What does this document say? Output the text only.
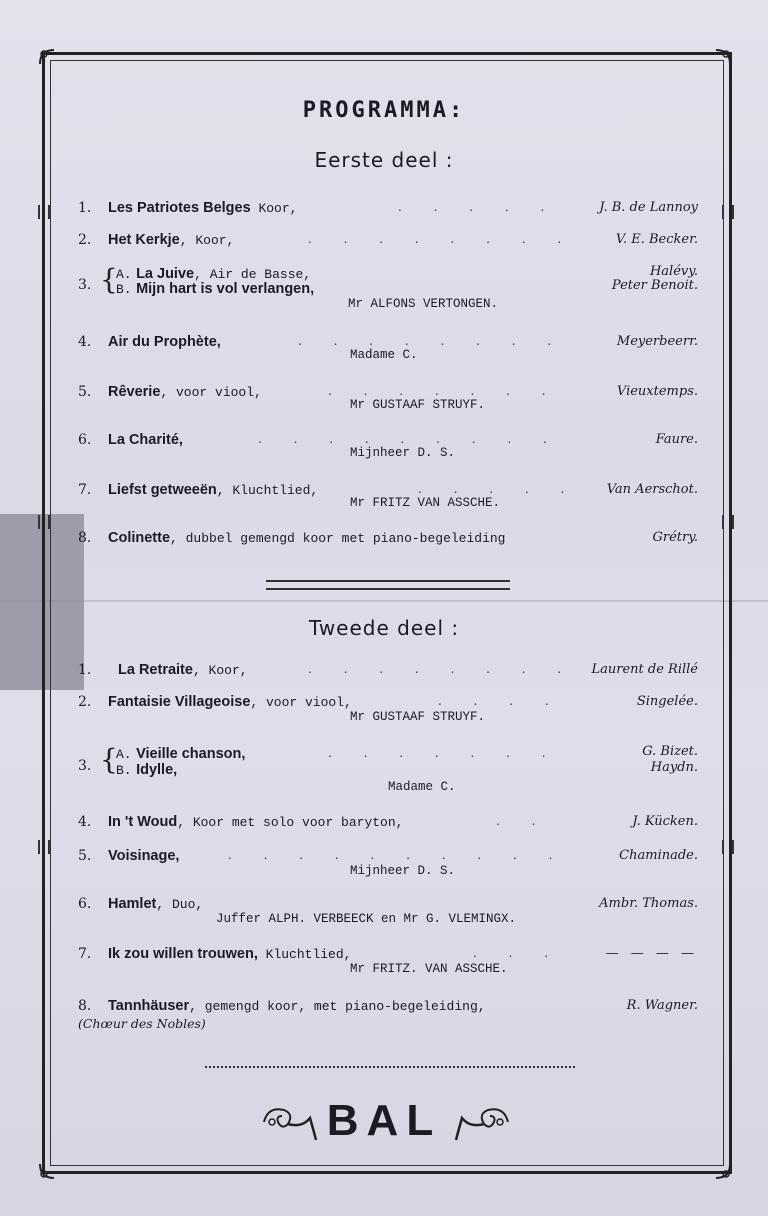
PROGRAMMA:
Eerste deel :
1. Les Patriotes Belges Koor,	. . . . .	J. B. de Lannoy
2. Het Kerkje, Koor,	. . . . . . . .	V. E. Becker.
3. {
A. La Juive, Air de Basse,
B. Mijn hart is vol verlangen,
Halévy.
Peter Benoit.
Mr ALFONS VERTONGEN.
4. Air du Prophète,	. . . . . . . .	Meyerbeerr.
Madame C.
5. Rêverie, voor viool,	. . . . . . .	Vieuxtemps.
Mr GUSTAAF STRUYF.
6. La Charité,	. . . . . . . . .	Faure.
Mijnheer D. S.
7. Liefst getweeën, Kluchtlied,	. . . . . Van Aerschot.
Mr FRITZ VAN ASSCHE.
8. Colinette, dubbel gemengd koor met piano-begeleiding	Grétry.
Tweede deel :
1. La Retraite, Koor,	. . . . . . . . Laurent de Rillé
2. Fantaisie Villageoise, voor viool,	. . . .	Singelée.
Mr GUSTAAF STRUYF.
3. {
A. Vieille chanson,
B. Idylle,
. . . . . . .	G. Bizet.
Haydn.
Madame C.
4. In 't Woud, Koor met solo voor baryton,	. .	J. Kücken.
5. Voisinage,	. . . . . . . . . .	Chaminade.
Mijnheer D. S.
6. Hamlet, Duo,	Ambr. Thomas.
Juffer ALPH. VERBEECK en Mr G. VLEMINGX.
7. Ik zou willen trouwen, Kluchtlied,	. . .	— — — —
Mr FRITZ. VAN ASSCHE.
8. Tannhäuser, gemengd koor, met piano-begeleiding,	R. Wagner.
(Chœur des Nobles)
BAL
